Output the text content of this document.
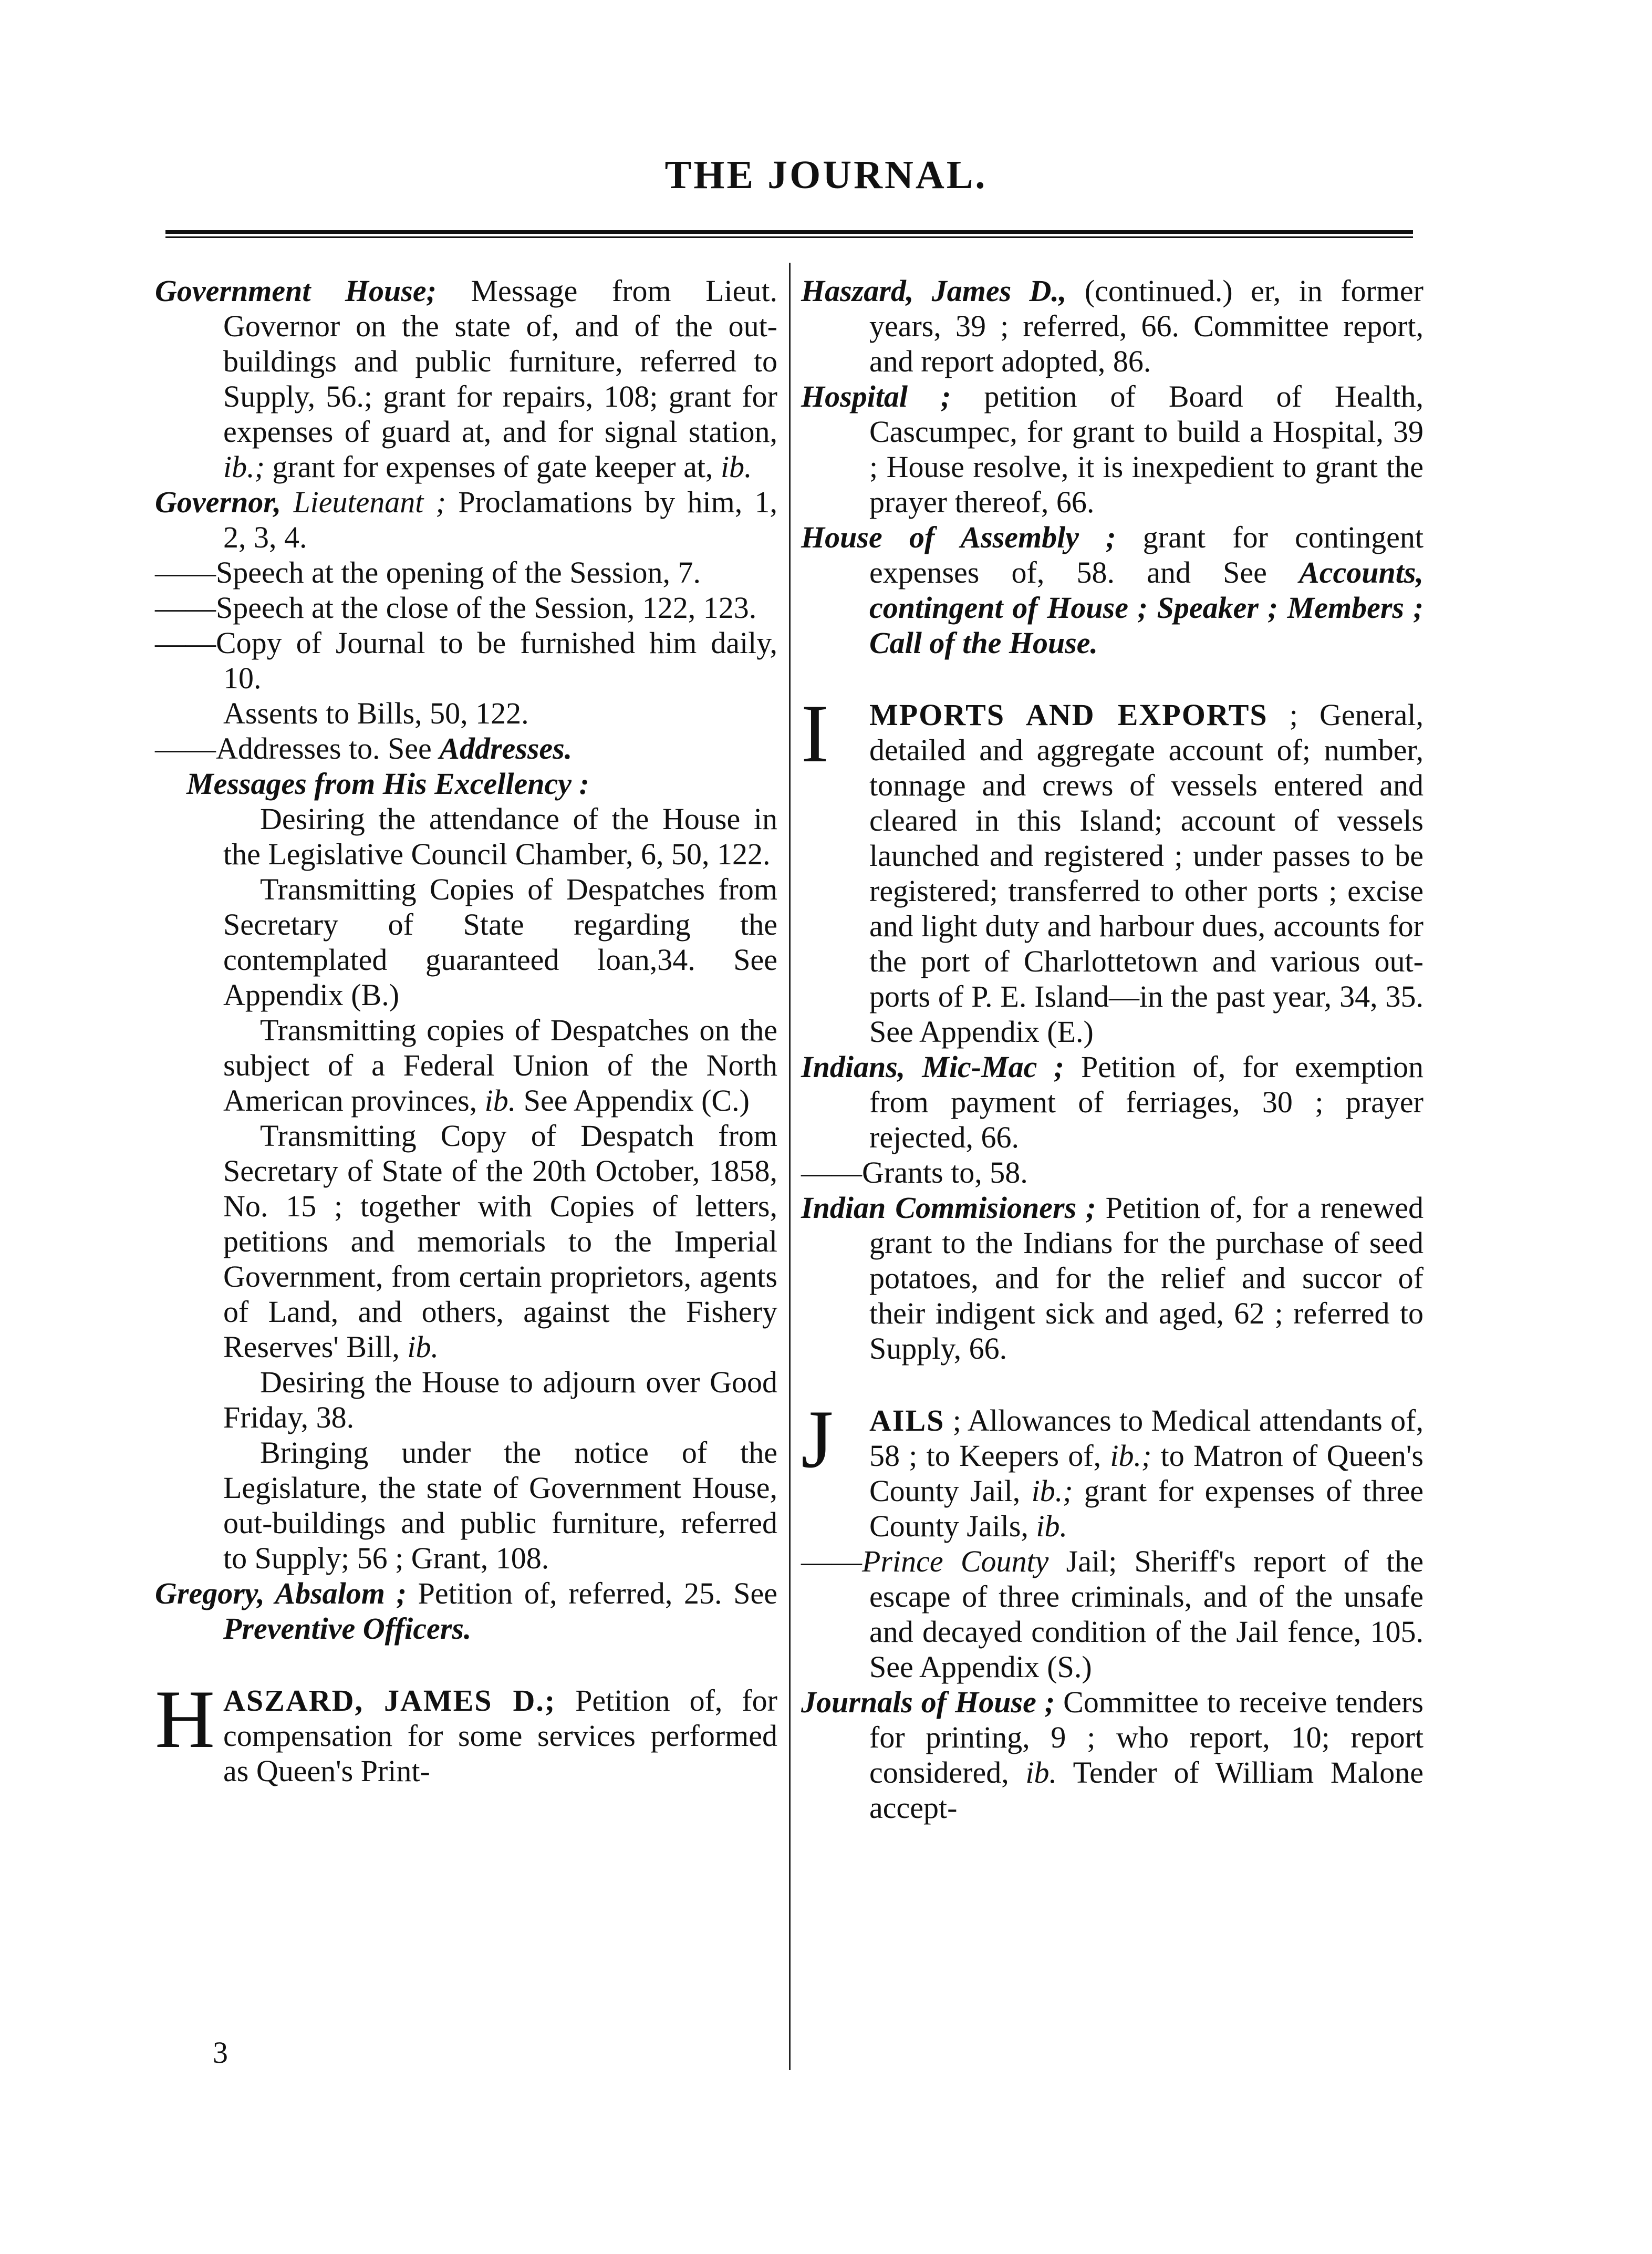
THE JOURNAL.

Government House; Message from Lieut. Governor on the state of, and of the out-buildings and public furniture, referred to Supply, 56.; grant for repairs, 108; grant for expenses of guard at, and for signal station, ib.; grant for expenses of gate keeper at, ib.

Governor, Lieutenant ; Proclamations by him, 1, 2, 3, 4.

——Speech at the opening of the Session, 7.

——Speech at the close of the Session, 122, 123.

——Copy of Journal to be furnished him daily, 10.

Assents to Bills, 50, 122.

——Addresses to. See Addresses.

Messages from His Excellency :

Desiring the attendance of the House in the Legislative Council Chamber, 6, 50, 122.

Transmitting Copies of Despatches from Secretary of State regarding the contemplated guaranteed loan,34. See Appendix (B.)

Transmitting copies of Despatches on the subject of a Federal Union of the North American provinces, ib. See Appendix (C.)

Transmitting Copy of Despatch from Secretary of State of the 20th October, 1858, No. 15 ; together with Copies of letters, petitions and memorials to the Imperial Government, from certain proprietors, agents of Land, and others, against the Fishery Reserves' Bill, ib.

Desiring the House to adjourn over Good Friday, 38.

Bringing under the notice of the Legislature, the state of Government House, out-buildings and public furniture, referred to Supply; 56 ; Grant, 108.

Gregory, Absalom ; Petition of, referred, 25. See Preventive Officers.

H ASZARD, JAMES D.; Petition of, for compensation for some services performed as Queen's Print-

Haszard, James D., (continued.) er, in former years, 39 ; referred, 66. Committee report, and report adopted, 86.

Hospital ; petition of Board of Health, Cascumpec, for grant to build a Hospital, 39 ; House resolve, it is inexpedient to grant the prayer thereof, 66.

House of Assembly ; grant for contingent expenses of, 58. and See Accounts, contingent of House ; Speaker ; Members ; Call of the House.

I MPORTS AND EXPORTS ; General, detailed and aggregate account of; number, tonnage and crews of vessels entered and cleared in this Island; account of vessels launched and registered ; under passes to be registered; transferred to other ports ; excise and light duty and harbour dues, accounts for the port of Charlottetown and various out-ports of P. E. Island—in the past year, 34, 35. See Appendix (E.)

Indians, Mic-Mac ; Petition of, for exemption from payment of ferriages, 30 ; prayer rejected, 66.

——Grants to, 58.

Indian Commisioners ; Petition of, for a renewed grant to the Indians for the purchase of seed potatoes, and for the relief and succor of their indigent sick and aged, 62 ; referred to Supply, 66.

J AILS ; Allowances to Medical attendants of, 58 ; to Keepers of, ib.; to Matron of Queen's County Jail, ib.; grant for expenses of three County Jails, ib.

——Prince County Jail; Sheriff's report of the escape of three criminals, and of the unsafe and decayed condition of the Jail fence, 105. See Appendix (S.)

Journals of House ; Committee to receive tenders for printing, 9 ; who report, 10; report considered, ib. Tender of William Malone accept-

3
